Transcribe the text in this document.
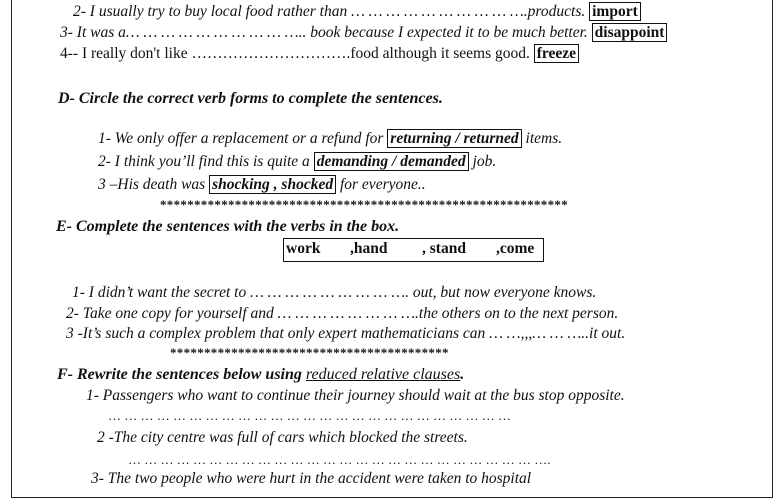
2- I usually try to buy local food rather than … … … … … … … … … ….products. import
3- It was a… … … … … … … … … ….. book because I expected it to be much better. disappoint
4-- I really don't like ………………………….food although it seems good. freeze
D- Circle the correct verb forms to complete the sentences.
1- We only offer a replacement or a refund for returning / returned items.
2- I think you’ll find this is quite a demanding / demanded job.
3 –His death was shocking , shocked for everyone..
************************************************************
E- Complete the sentences with the verbs in the box.
work ,hand , stand ,come
1- I didn’t want the secret to … … … … … … … … …. out, but now everyone knows.
2- Take one copy for yourself and … … … … … … … ….the others on to the next person.
3 -It’s such a complex problem that only expert mathematicians can … …,,,… … …..it out.
*****************************************
F- Rewrite the sentences below using reduced relative clauses.
1- Passengers who want to continue their journey should wait at the bus stop opposite.
… … … … … … … … … … … … … … … … … … … … … … … … …
2 -The city centre was full of cars which blocked the streets.
… … … … … … … … … … … … … … … … … … … … … … … … … ….
3- The two people who were hurt in the accident were taken to hospital
